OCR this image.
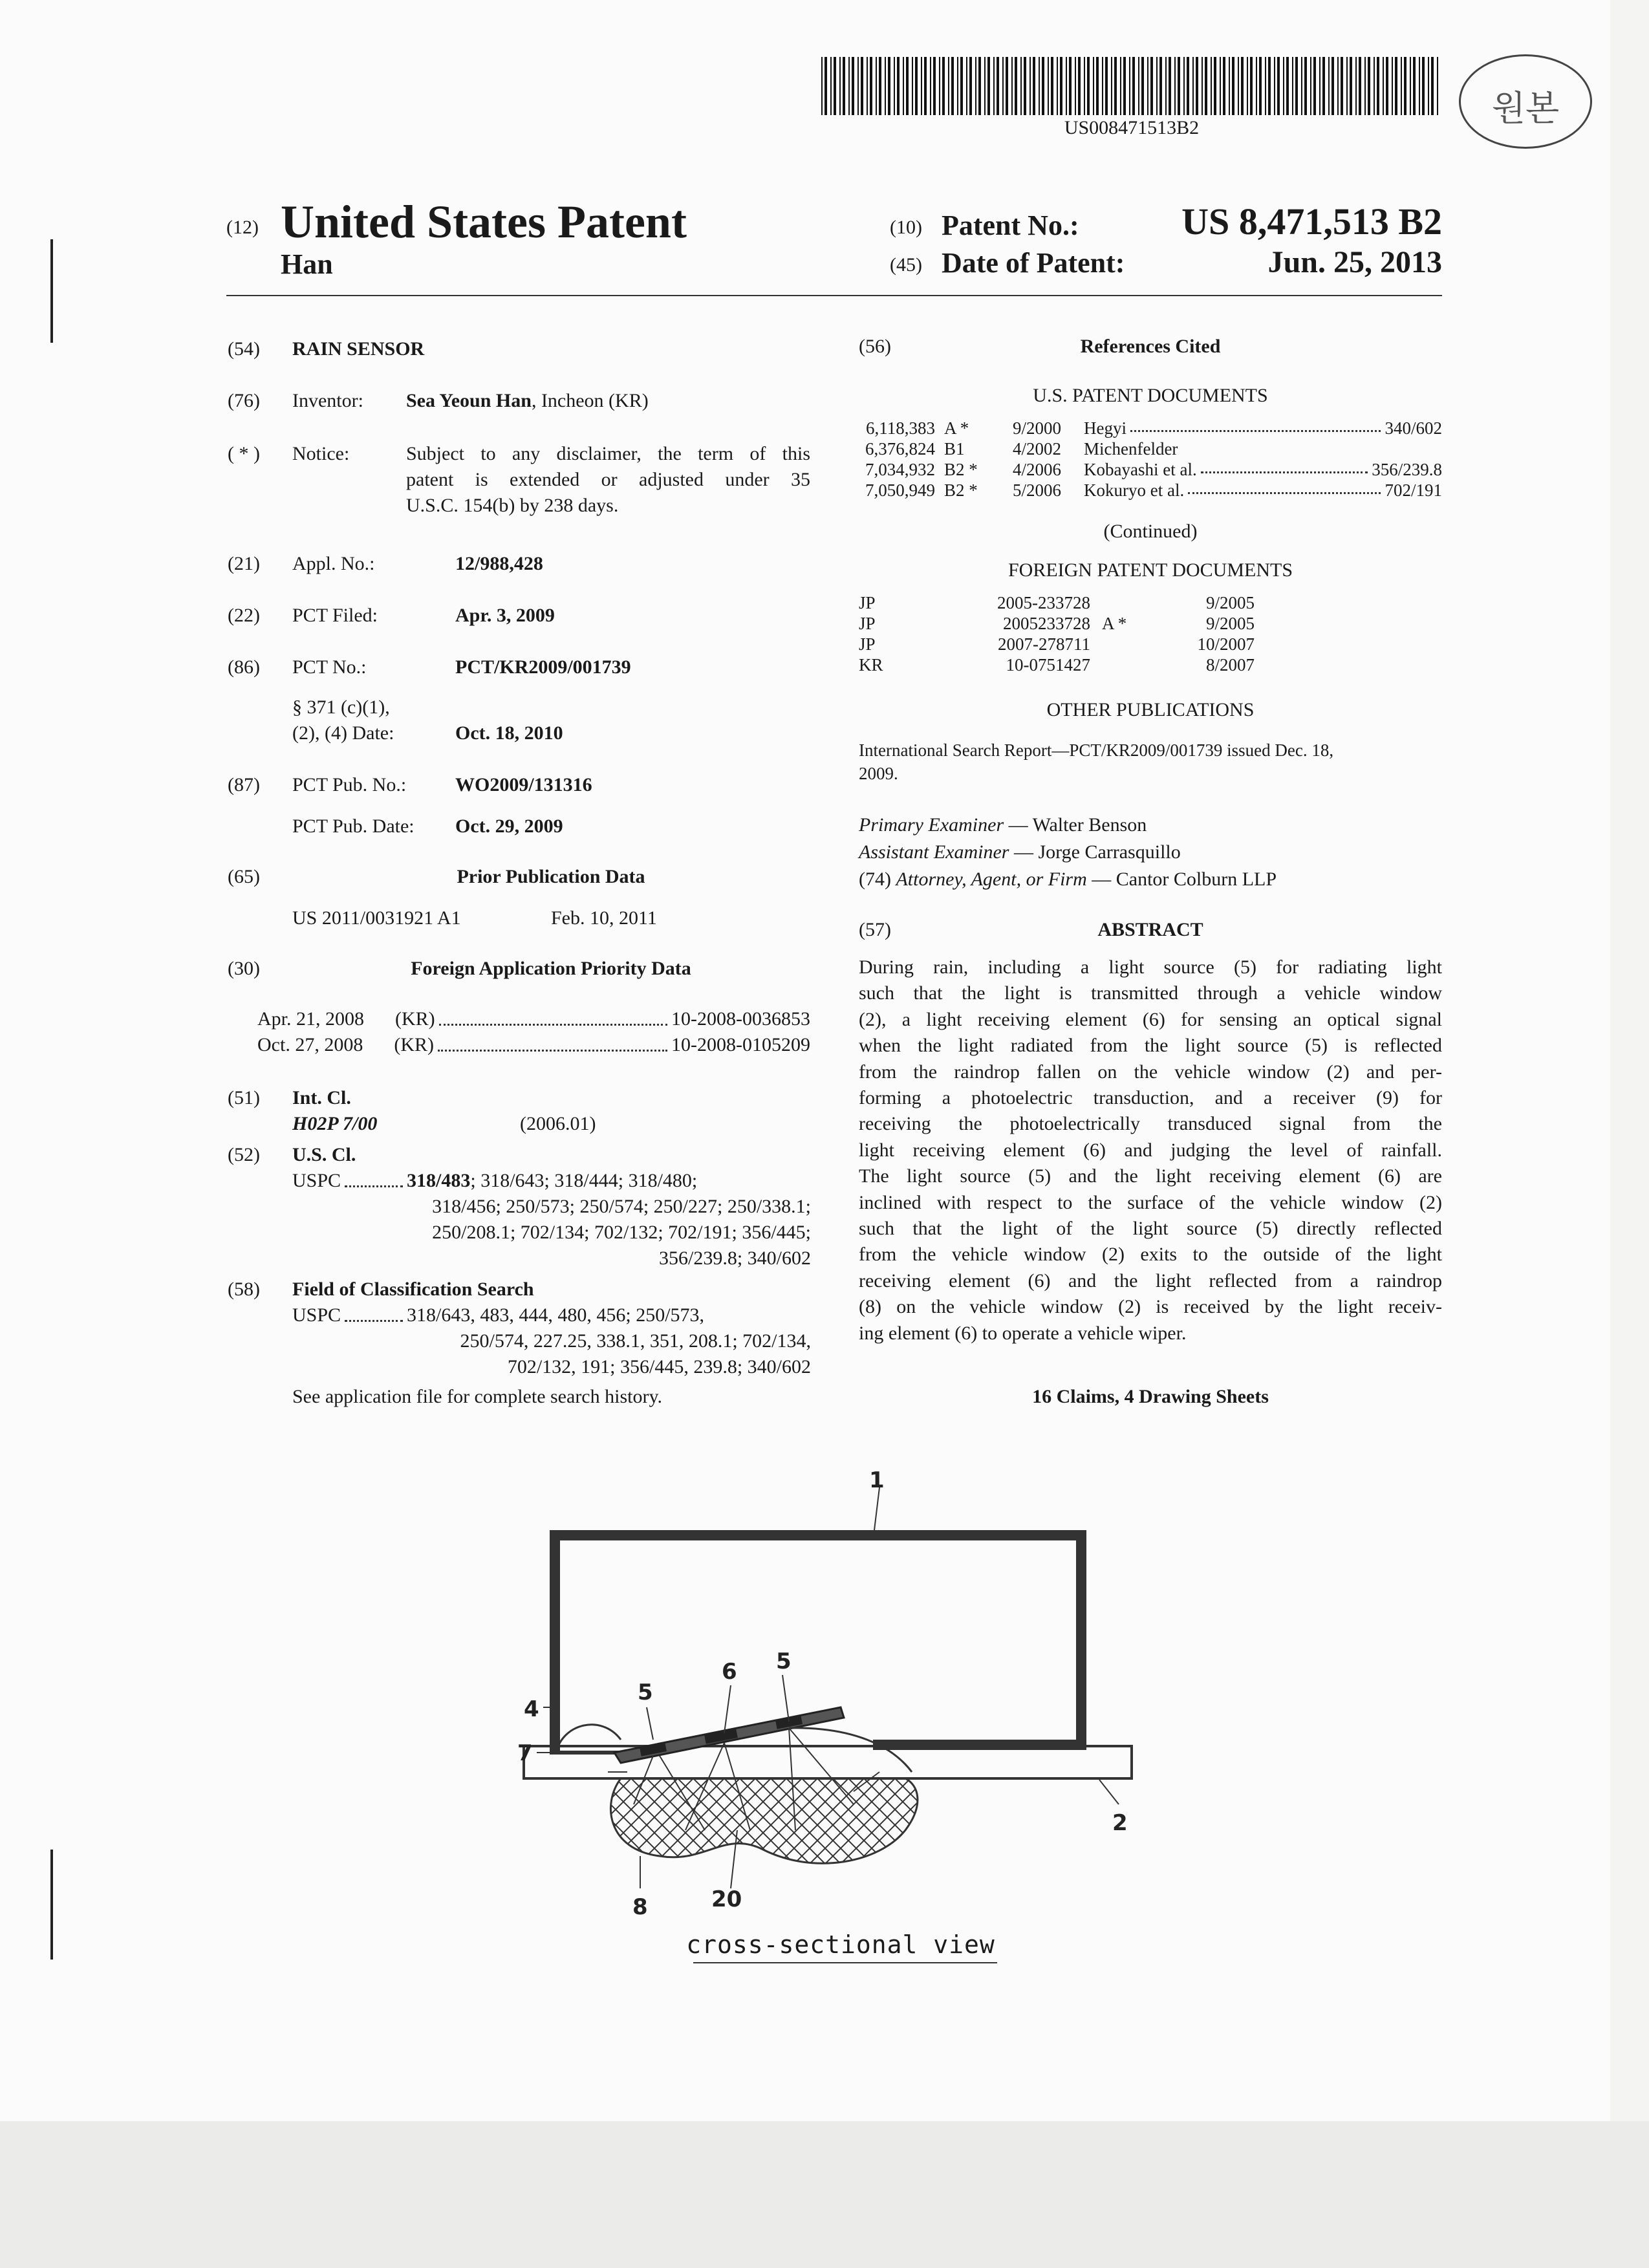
US008471513B2	원본
(12) United States Patent
Han
(10) Patent No.:	US 8,471,513 B2
(45) Date of Patent:	Jun. 25, 2013
(54) RAIN SENSOR
(76) Inventor: Sea Yeoun Han, Incheon (KR)
( * ) Notice:	Subject to any disclaimer, the term of this
patent is extended or adjusted under 35
U.S.C. 154(b) by 238 days.
(21) Appl. No.:	12/988,428
(22) PCT Filed:	Apr. 3, 2009
(86) PCT No.:	PCT/KR2009/001739
§ 371 (c)(1),
(2), (4) Date:	Oct. 18, 2010
(87) PCT Pub. No.:	WO2009/131316
PCT Pub. Date: Oct. 29, 2009
(65)	Prior Publication Data
US 2011/0031921 A1	Feb. 10, 2011
(30)	Foreign Application Priority Data
Apr. 21, 2008 (KR)	10-2008-0036853
Oct. 27, 2008 (KR)	10-2008-0105209
(51) Int. Cl.
H02P 7/00	(2006.01)
(52) U.S. Cl.
USPC	318/483; 318/643; 318/444; 318/480;
318/456; 250/573; 250/574; 250/227; 250/338.1;
250/208.1; 702/134; 702/132; 702/191; 356/445;
356/239.8; 340/602
(58) Field of Classification Search
USPC	318/643, 483, 444, 480, 456; 250/573,
250/574, 227.25, 338.1, 351, 208.1; 702/134,
702/132, 191; 356/445, 239.8; 340/602
See application file for complete search history.
(56)	References Cited
U.S. PATENT DOCUMENTS
6,118,383 A *	9/2000	Hegyi	340/602
6,376,824 B1	4/2002	Michenfelder
7,034,932 B2 *	4/2006	Kobayashi et al.	356/239.8
7,050,949 B2 *	5/2006	Kokuryo et al.	702/191
(Continued)
FOREIGN PATENT DOCUMENTS
JP	2005-233728	9/2005
JP	2005233728 A *	9/2005
JP	2007-278711	10/2007
KR	10-0751427	8/2007
OTHER PUBLICATIONS
International Search Report—PCT/KR2009/001739 issued Dec. 18,
2009.
Primary Examiner — Walter Benson
Assistant Examiner — Jorge Carrasquillo
(74) Attorney, Agent, or Firm — Cantor Colburn LLP
(57)	ABSTRACT
During rain, including a light source (5) for radiating light
such that the light is transmitted through a vehicle window
(2), a light receiving element (6) for sensing an optical signal
when the light radiated from the light source (5) is reflected
from the raindrop fallen on the vehicle window (2) and per-
forming a photoelectric transduction, and a receiver (9) for
receiving the photoelectrically transduced signal from the
light receiving element (6) and judging the level of rainfall.
The light source (5) and the light receiving element (6) are
inclined with respect to the surface of the vehicle window (2)
such that the light of the light source (5) directly reflected
from the vehicle window (2) exits to the outside of the light
receiving element (6) and the light reflected from a raindrop
(8) on the vehicle window (2) is received by the light receiv-
ing element (6) to operate a vehicle wiper.
16 Claims, 4 Drawing Sheets
1
2
4
5
5
6
7
8	20
cross-sectional view
